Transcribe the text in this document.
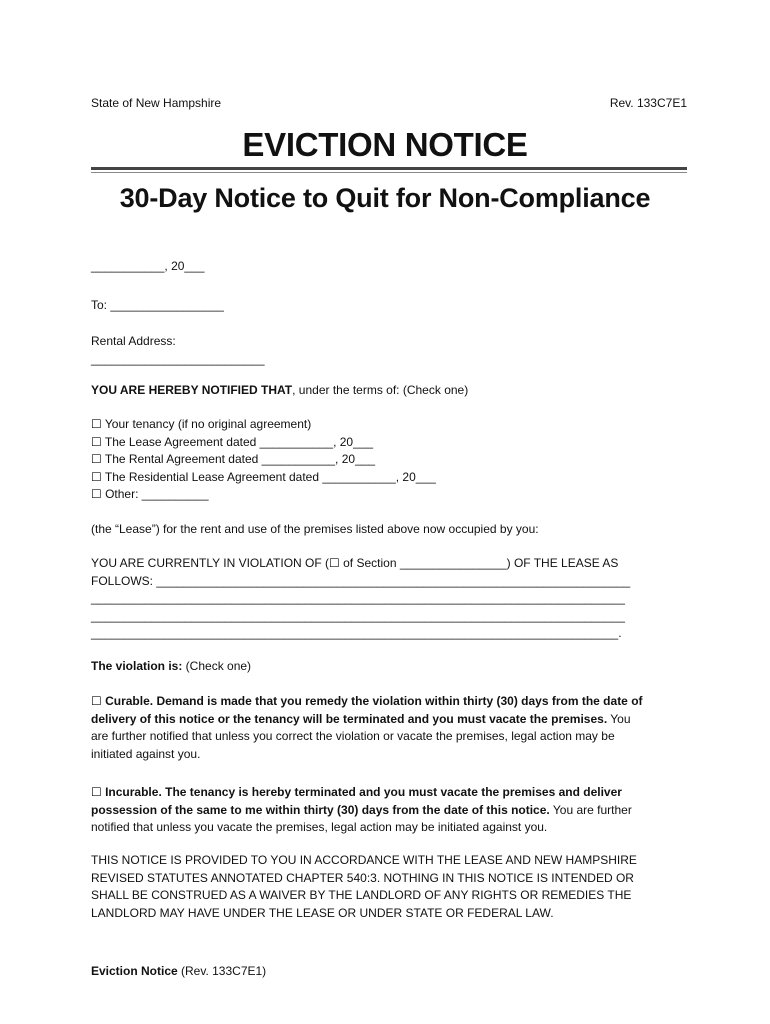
State of New Hampshire	Rev. 133C7E1
EVICTION NOTICE
30-Day Notice to Quit for Non-Compliance
___________, 20___
To: _________________
Rental Address:
__________________________
YOU ARE HEREBY NOTIFIED THAT, under the terms of: (Check one)
☐ Your tenancy (if no original agreement)
☐ The Lease Agreement dated ___________, 20___
☐ The Rental Agreement dated ___________, 20___
☐ The Residential Lease Agreement dated ___________, 20___
☐ Other: __________
(the “Lease”) for the rent and use of the premises listed above now occupied by you:
YOU ARE CURRENTLY IN VIOLATION OF (☐ of Section ________________) OF THE LEASE AS
FOLLOWS: _______________________________________________________________________
________________________________________________________________________________
________________________________________________________________________________
_______________________________________________________________________________.
The violation is: (Check one)
☐ Curable. Demand is made that you remedy the violation within thirty (30) days from the date of
delivery of this notice or the tenancy will be terminated and you must vacate the premises. You
are further notified that unless you correct the violation or vacate the premises, legal action may be
initiated against you.
☐ Incurable. The tenancy is hereby terminated and you must vacate the premises and deliver
possession of the same to me within thirty (30) days from the date of this notice. You are further
notified that unless you vacate the premises, legal action may be initiated against you.
THIS NOTICE IS PROVIDED TO YOU IN ACCORDANCE WITH THE LEASE AND NEW HAMPSHIRE
REVISED STATUTES ANNOTATED CHAPTER 540:3. NOTHING IN THIS NOTICE IS INTENDED OR
SHALL BE CONSTRUED AS A WAIVER BY THE LANDLORD OF ANY RIGHTS OR REMEDIES THE
LANDLORD MAY HAVE UNDER THE LEASE OR UNDER STATE OR FEDERAL LAW.
Eviction Notice (Rev. 133C7E1)
